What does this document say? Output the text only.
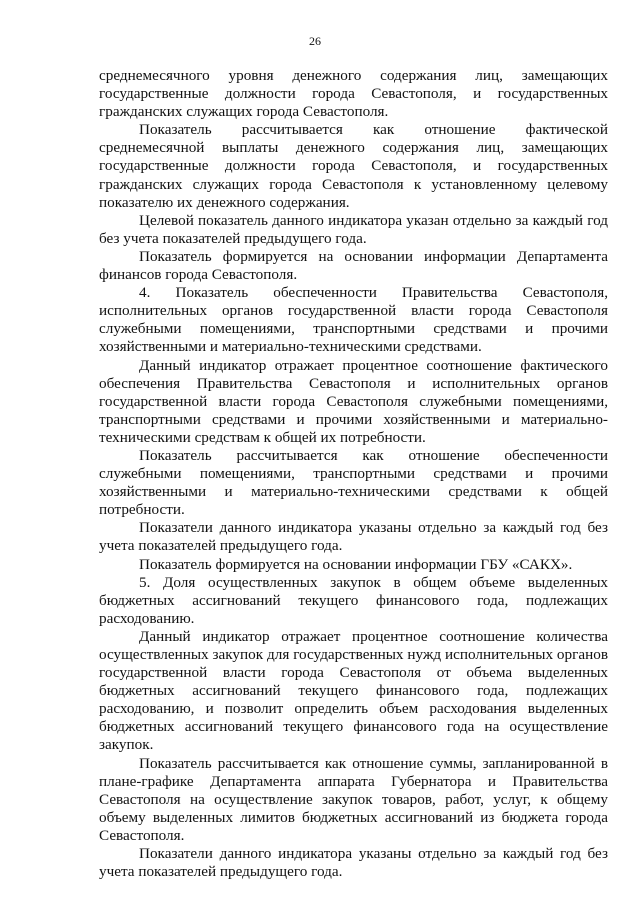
26

среднемесячного уровня денежного содержания лиц, замещающих государственные должности города Севастополя, и государственных гражданских служащих города Севастополя.

Показатель рассчитывается как отношение фактической среднемесячной выплаты денежного содержания лиц, замещающих государственные должности города Севастополя, и государственных гражданских служащих города Севастополя к установленному целевому показателю их денежного содержания.

Целевой показатель данного индикатора указан отдельно за каждый год без учета показателей предыдущего года.

Показатель формируется на основании информации Департамента финансов города Севастополя.

4. Показатель обеспеченности Правительства Севастополя, исполнительных органов государственной власти города Севастополя служебными помещениями, транспортными средствами и прочими хозяйственными и материально-техническими средствами.

Данный индикатор отражает процентное соотношение фактического обеспечения Правительства Севастополя и исполнительных органов государственной власти города Севастополя служебными помещениями, транспортными средствами и прочими хозяйственными и материально-техническими средствам к общей их потребности.

Показатель рассчитывается как отношение обеспеченности служебными помещениями, транспортными средствами и прочими хозяйственными и материально-техническими средствами к общей потребности.

Показатели данного индикатора указаны отдельно за каждый год без учета показателей предыдущего года.

Показатель формируется на основании информации ГБУ «САКХ».

5. Доля осуществленных закупок в общем объеме выделенных бюджетных ассигнований текущего финансового года, подлежащих расходованию.

Данный индикатор отражает процентное соотношение количества осуществленных закупок для государственных нужд исполнительных органов государственной власти города Севастополя от объема выделенных бюджетных ассигнований текущего финансового года, подлежащих расходованию, и позволит определить объем расходования выделенных бюджетных ассигнований текущего финансового года на осуществление закупок.

Показатель рассчитывается как отношение суммы, запланированной в плане-графике Департамента аппарата Губернатора и Правительства Севастополя на осуществление закупок товаров, работ, услуг, к общему объему выделенных лимитов бюджетных ассигнований из бюджета города Севастополя.

Показатели данного индикатора указаны отдельно за каждый год без учета показателей предыдущего года.
